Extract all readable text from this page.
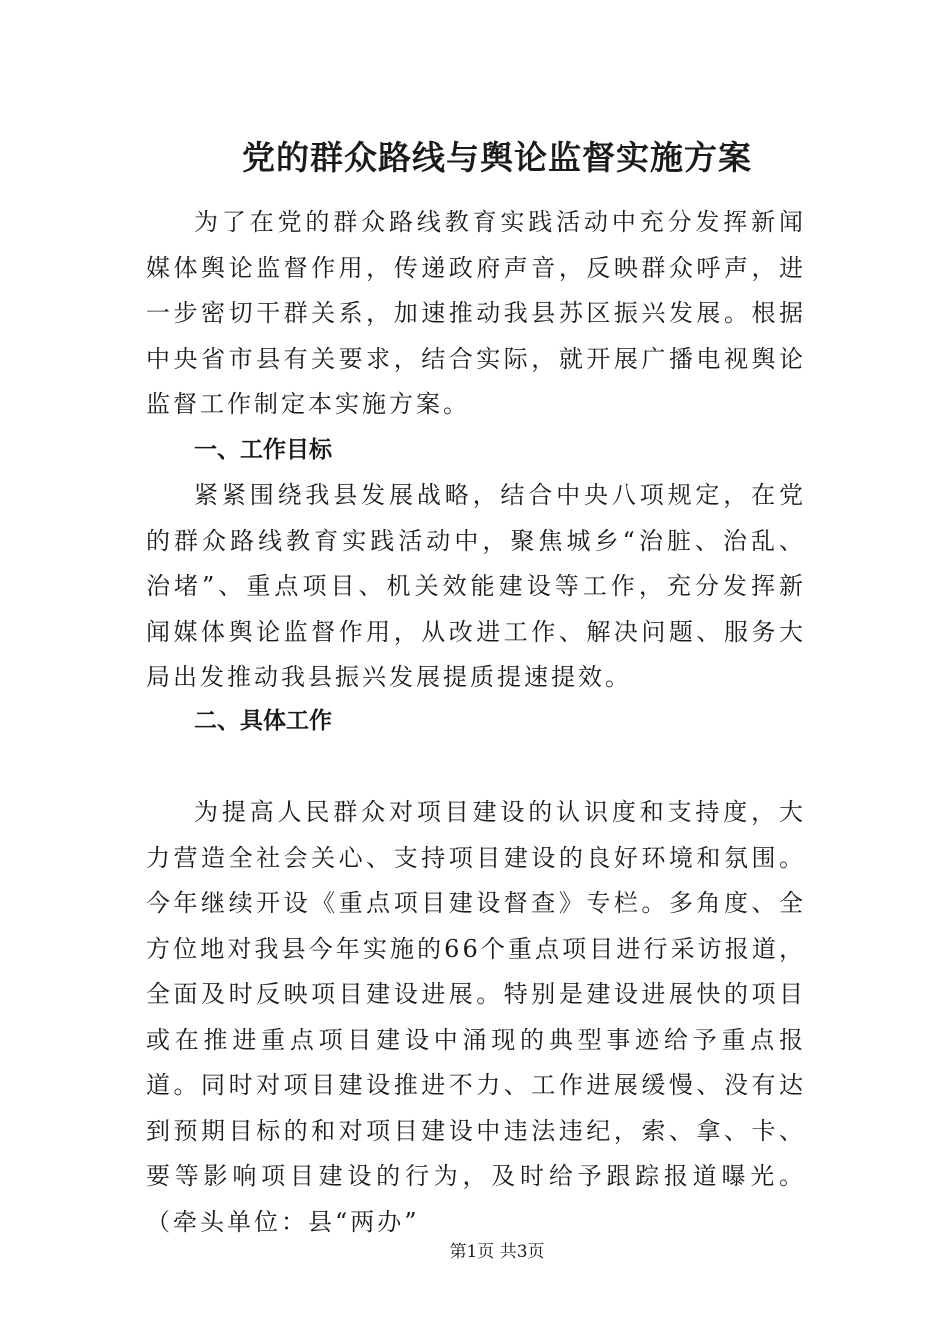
党的群众路线与舆论监督实施方案

为了在党的群众路线教育实践活动中充分发挥新闻媒体舆论监督作用，传递政府声音，反映群众呼声，进一步密切干群关系，加速推动我县苏区振兴发展。根据中央省市县有关要求，结合实际，就开展广播电视舆论监督工作制定本实施方案。

一、工作目标

紧紧围绕我县发展战略，结合中央八项规定，在党的群众路线教育实践活动中，聚焦城乡“治脏、治乱、治堵”、重点项目、机关效能建设等工作，充分发挥新闻媒体舆论监督作用，从改进工作、解决问题、服务大局出发推动我县振兴发展提质提速提效。

二、具体工作

为提高人民群众对项目建设的认识度和支持度，大力营造全社会关心、支持项目建设的良好环境和氛围。今年继续开设《重点项目建设督查》专栏。多角度、全方位地对我县今年实施的66个重点项目进行采访报道，全面及时反映项目建设进展。特别是建设进展快的项目或在推进重点项目建设中涌现的典型事迹给予重点报道。同时对项目建设推进不力、工作进展缓慢、没有达到预期目标的和对项目建设中违法违纪，索、拿、卡、要等影响项目建设的行为，及时给予跟踪报道曝光。（牵头单位：县“两办”

第1页 共3页
